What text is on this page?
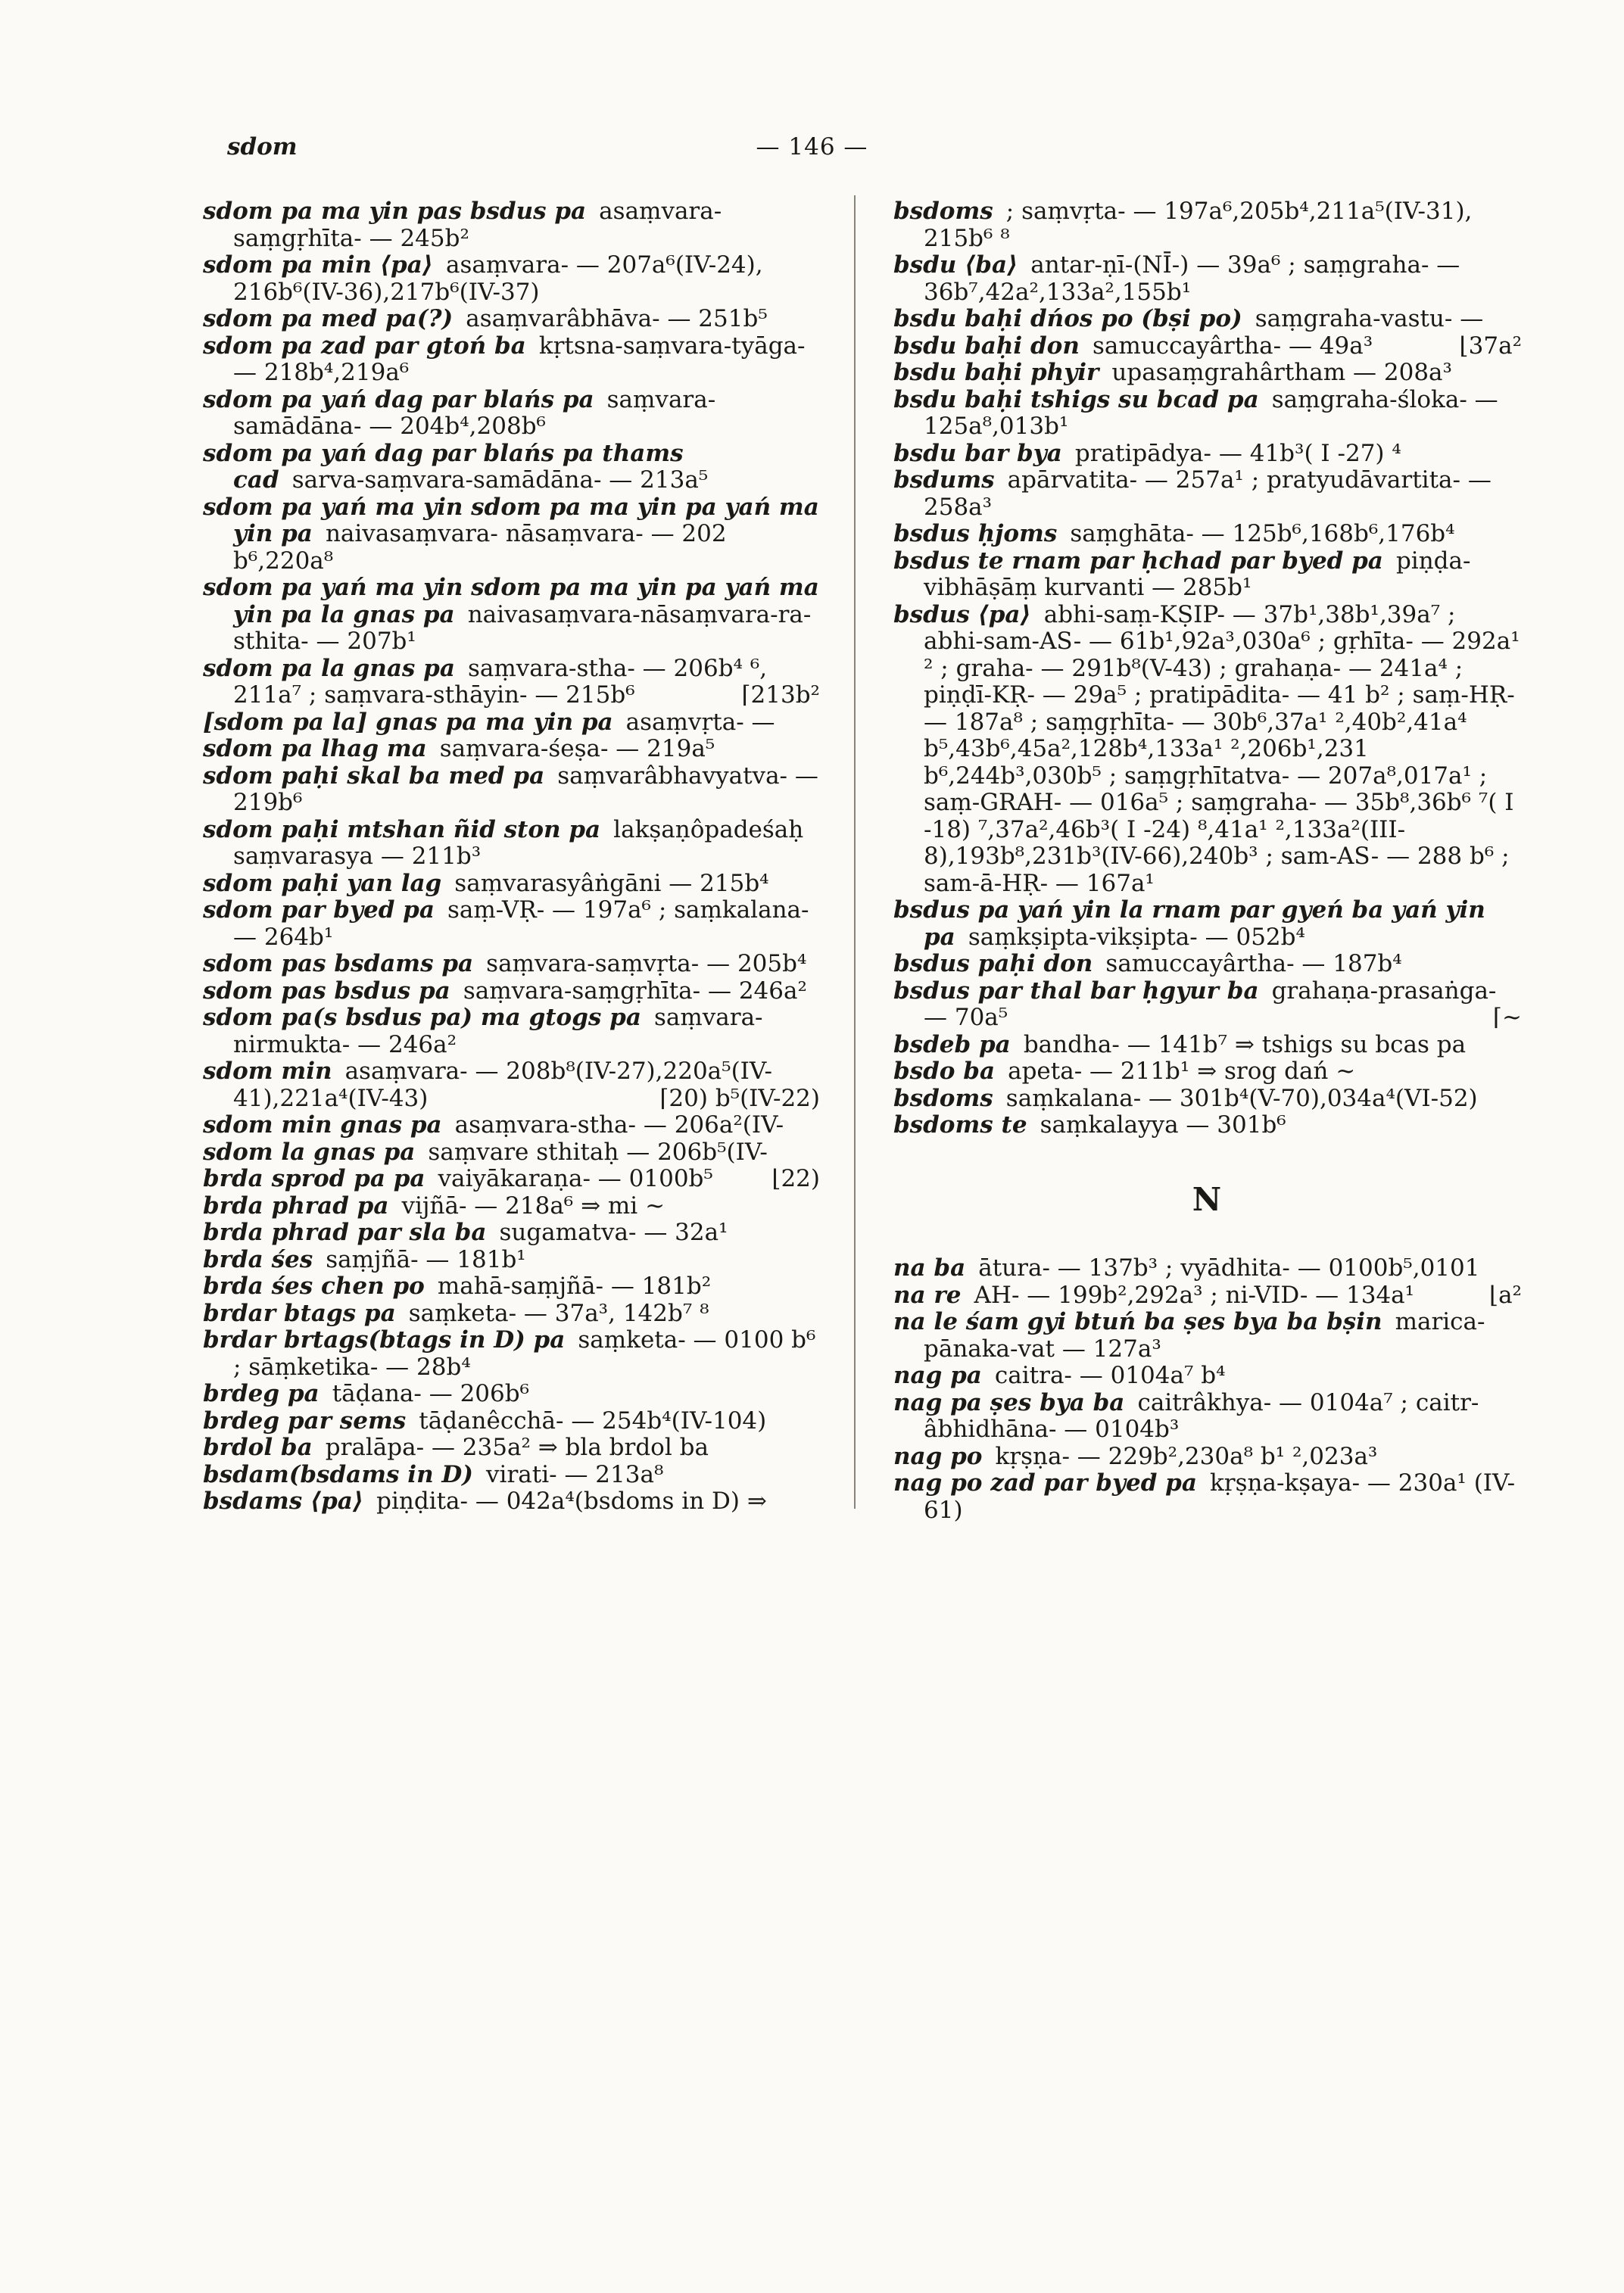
sdom	— 146 —

sdom pa ma yin pas bsdus pa asaṃvara-saṃgṛhīta- — 245b²

sdom pa min ⟨pa⟩ asaṃvara- — 207a⁶(IV-24), 216b⁶(IV-36),217b⁶(IV-37)

sdom pa med pa(?) asaṃvarâbhāva- — 251b⁵

sdom pa zad par gtoń ba kṛtsna-saṃvara-tyāga- — 218b⁴,219a⁶

sdom pa yań dag par blańs pa saṃvara-samādāna- — 204b⁴,208b⁶

sdom pa yań dag par blańs pa thams cad sarva-saṃvara-samādāna- — 213a⁵

sdom pa yań ma yin sdom pa ma yin pa yań ma yin pa naivasaṃvara- nāsaṃvara- — 202 b⁶,220a⁸

sdom pa yań ma yin sdom pa ma yin pa yań ma yin pa la gnas pa naivasaṃvara-nāsaṃvara-ra-sthita- — 207b¹

sdom pa la gnas pa saṃvara-stha- — 206b⁴ ⁶, 211a⁷ ; saṃvara-sthāyin- — 215b⁶	⌈213b²

[sdom pa la] gnas pa ma yin pa asaṃvṛta- —

sdom pa lhag ma saṃvara-śeṣa- — 219a⁵

sdom paḥi skal ba med pa saṃvarâbhavyatva- — 219b⁶

sdom paḥi mtshan ñid ston pa lakṣaṇôpadeśaḥ saṃvarasya — 211b³

sdom paḥi yan lag saṃvarasyâṅgāni — 215b⁴

sdom par byed pa saṃ-VṚ- — 197a⁶ ; saṃkalana- — 264b¹

sdom pas bsdams pa saṃvara-saṃvṛta- — 205b⁴

sdom pas bsdus pa saṃvara-saṃgṛhīta- — 246a²

sdom pa(s bsdus pa) ma gtogs pa saṃvara-nirmukta- — 246a²

sdom min asaṃvara- — 208b⁸(IV-27),220a⁵(IV-41),221a⁴(IV-43)	⌈20) b⁵(IV-22)

sdom min gnas pa asaṃvara-stha- — 206a²(IV-

sdom la gnas pa saṃvare sthitaḥ — 206b⁵(IV-

brda sprod pa pa vaiyākaraṇa- — 0100b⁵	⌊22)

brda phrad pa vijñā- — 218a⁶ ⇒ mi ~

brda phrad par sla ba sugamatva- — 32a¹

brda śes saṃjñā- — 181b¹

brda śes chen po mahā-saṃjñā- — 181b²

brdar btags pa saṃketa- — 37a³, 142b⁷ ⁸

brdar brtags(btags in D) pa saṃketa- — 0100 b⁶ ; sāṃketika- — 28b⁴

brdeg pa tāḍana- — 206b⁶

brdeg par sems tāḍanêcchā- — 254b⁴(IV-104)

brdol ba pralāpa- — 235a² ⇒ bla brdol ba

bsdam(bsdams in D) virati- — 213a⁸

bsdams ⟨pa⟩ piṇḍita- — 042a⁴(bsdoms in D) ⇒

bsdoms ; saṃvṛta- — 197a⁶,205b⁴,211a⁵(IV-31), 215b⁶ ⁸

bsdu ⟨ba⟩ antar-ṇī-(NĪ-) — 39a⁶ ; saṃgraha- — 36b⁷,42a²,133a²,155b¹

bsdu baḥi dńos po (bṣi po) saṃgraha-vastu- —

bsdu baḥi don samuccayârtha- — 49a³	⌊37a²

bsdu baḥi phyir upasaṃgrahârtham — 208a³

bsdu baḥi tshigs su bcad pa saṃgraha-śloka- — 125a⁸,013b¹

bsdu bar bya pratipādya- — 41b³( I -27) ⁴

bsdums apārvatita- — 257a¹ ; pratyudāvartita- — 258a³

bsdus ḥjoms saṃghāta- — 125b⁶,168b⁶,176b⁴

bsdus te rnam par ḥchad par byed pa piṇḍa-vibhāṣāṃ kurvanti — 285b¹

bsdus ⟨pa⟩ abhi-saṃ-KṢIP- — 37b¹,38b¹,39a⁷ ; abhi-sam-AS- — 61b¹,92a³,030a⁶ ; gṛhīta- — 292a¹ ² ; graha- — 291b⁸(V-43) ; grahaṇa- — 241a⁴ ; piṇḍī-KṚ- — 29a⁵ ; pratipādita- — 41 b² ; saṃ-HṚ- — 187a⁸ ; saṃgṛhīta- — 30b⁶,37a¹ ²,40b²,41a⁴ b⁵,43b⁶,45a²,128b⁴,133a¹ ²,206b¹,231 b⁶,244b³,030b⁵ ; saṃgṛhītatva- — 207a⁸,017a¹ ; saṃ-GRAH- — 016a⁵ ; saṃgraha- — 35b⁸,36b⁶ ⁷( I -18) ⁷,37a²,46b³( I -24) ⁸,41a¹ ²,133a²(III-8),193b⁸,231b³(IV-66),240b³ ; sam-AS- — 288 b⁶ ; sam-ā-HṚ- — 167a¹

bsdus pa yań yin la rnam par gyeń ba yań yin pa saṃkṣipta-vikṣipta- — 052b⁴

bsdus paḥi don samuccayârtha- — 187b⁴

bsdus par thal bar ḥgyur ba grahaṇa-prasaṅga- — 70a⁵	⌈~

bsdeb pa bandha- — 141b⁷ ⇒ tshigs su bcas pa

bsdo ba apeta- — 211b¹ ⇒ srog dań ~

bsdoms saṃkalana- — 301b⁴(V-70),034a⁴(VI-52)

bsdoms te saṃkalayya — 301b⁶

N

na ba ātura- — 137b³ ; vyādhita- — 0100b⁵,0101

na re AH- — 199b²,292a³ ; ni-VID- — 134a¹	⌊a²

na le śam gyi btuń ba ṣes bya ba bṣin marica-pānaka-vat — 127a³

nag pa caitra- — 0104a⁷ b⁴

nag pa ṣes bya ba caitrâkhya- — 0104a⁷ ; caitr-âbhidhāna- — 0104b³

nag po kṛṣṇa- — 229b²,230a⁸ b¹ ²,023a³

nag po zad par byed pa kṛṣṇa-kṣaya- — 230a¹ (IV-61)
